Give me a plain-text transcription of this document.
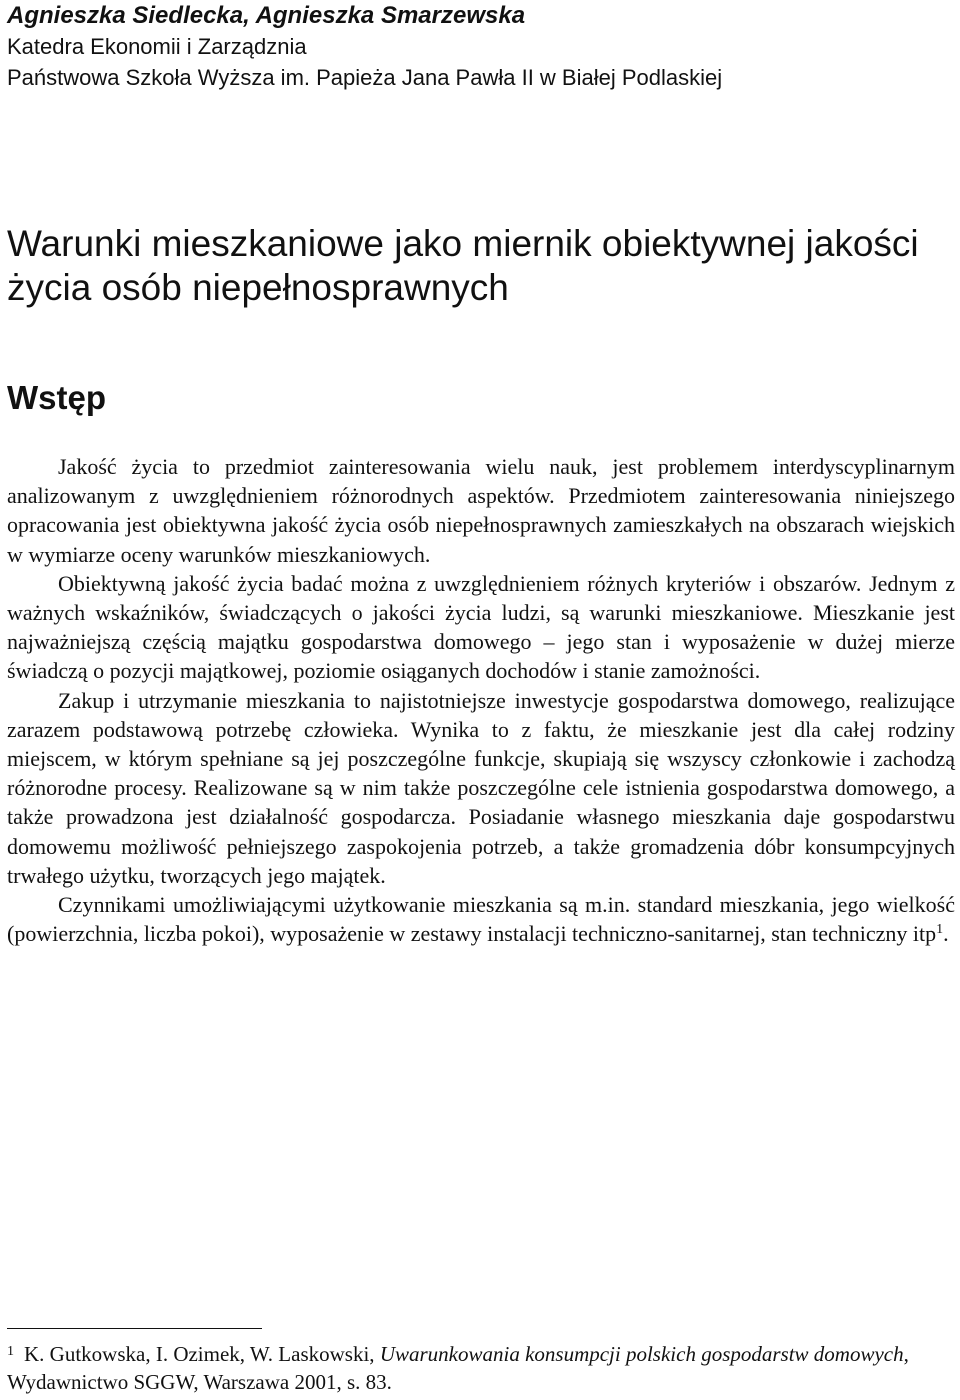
Agnieszka Siedlecka, Agnieszka Smarzewska

Katedra Ekonomii i Zarządznia

Państwowa Szkoła Wyższa im. Papieża Jana Pawła II w Białej Podlaskiej

Warunki mieszkaniowe jako miernik obiektywnej jakości życia osób niepełnosprawnych
Wstęp

Jakość życia to przedmiot zainteresowania wielu nauk, jest problemem interdyscyplinarnym analizowanym z uwzględnieniem różnorodnych aspektów. Przedmiotem zainteresowania niniejszego opracowania jest obiektywna jakość życia osób niepełnosprawnych zamieszkałych na obszarach wiejskich w wymiarze oceny warunków mieszkaniowych.

Obiektywną jakość życia badać można z uwzględnieniem różnych kryteriów i obszarów. Jednym z ważnych wskaźników, świadczących o jakości życia ludzi, są warunki mieszkaniowe. Mieszkanie jest najważniejszą częścią majątku gospodarstwa domowego – jego stan i wyposażenie w dużej mierze świadczą o pozycji majątkowej, poziomie osiąganych dochodów i stanie zamożności.

Zakup i utrzymanie mieszkania to najistotniejsze inwestycje gospodarstwa domowego, realizujące zarazem podstawową potrzebę człowieka. Wynika to z faktu, że mieszkanie jest dla całej rodziny miejscem, w którym spełniane są jej poszczególne funkcje, skupiają się wszyscy członkowie i zachodzą różnorodne procesy. Realizowane są w nim także poszczególne cele istnienia gospodarstwa domowego, a także prowadzona jest działalność gospodarcza. Posiadanie własnego mieszkania daje gospodarstwu domowemu możliwość pełniejszego zaspokojenia potrzeb, a także gromadzenia dóbr konsumpcyjnych trwałego użytku, tworzących jego majątek.

Czynnikami umożliwiającymi użytkowanie mieszkania są m.in. standard mieszkania, jego wielkość (powierzchnia, liczba pokoi), wyposażenie w zestawy instalacji techniczno-sanitarnej, stan techniczny itp$^1$.

$^1$ K. Gutkowska, I. Ozimek, W. Laskowski, Uwarunkowania konsumpcji polskich gospodarstw domowych, Wydawnictwo SGGW, Warszawa 2001, s. 83.
